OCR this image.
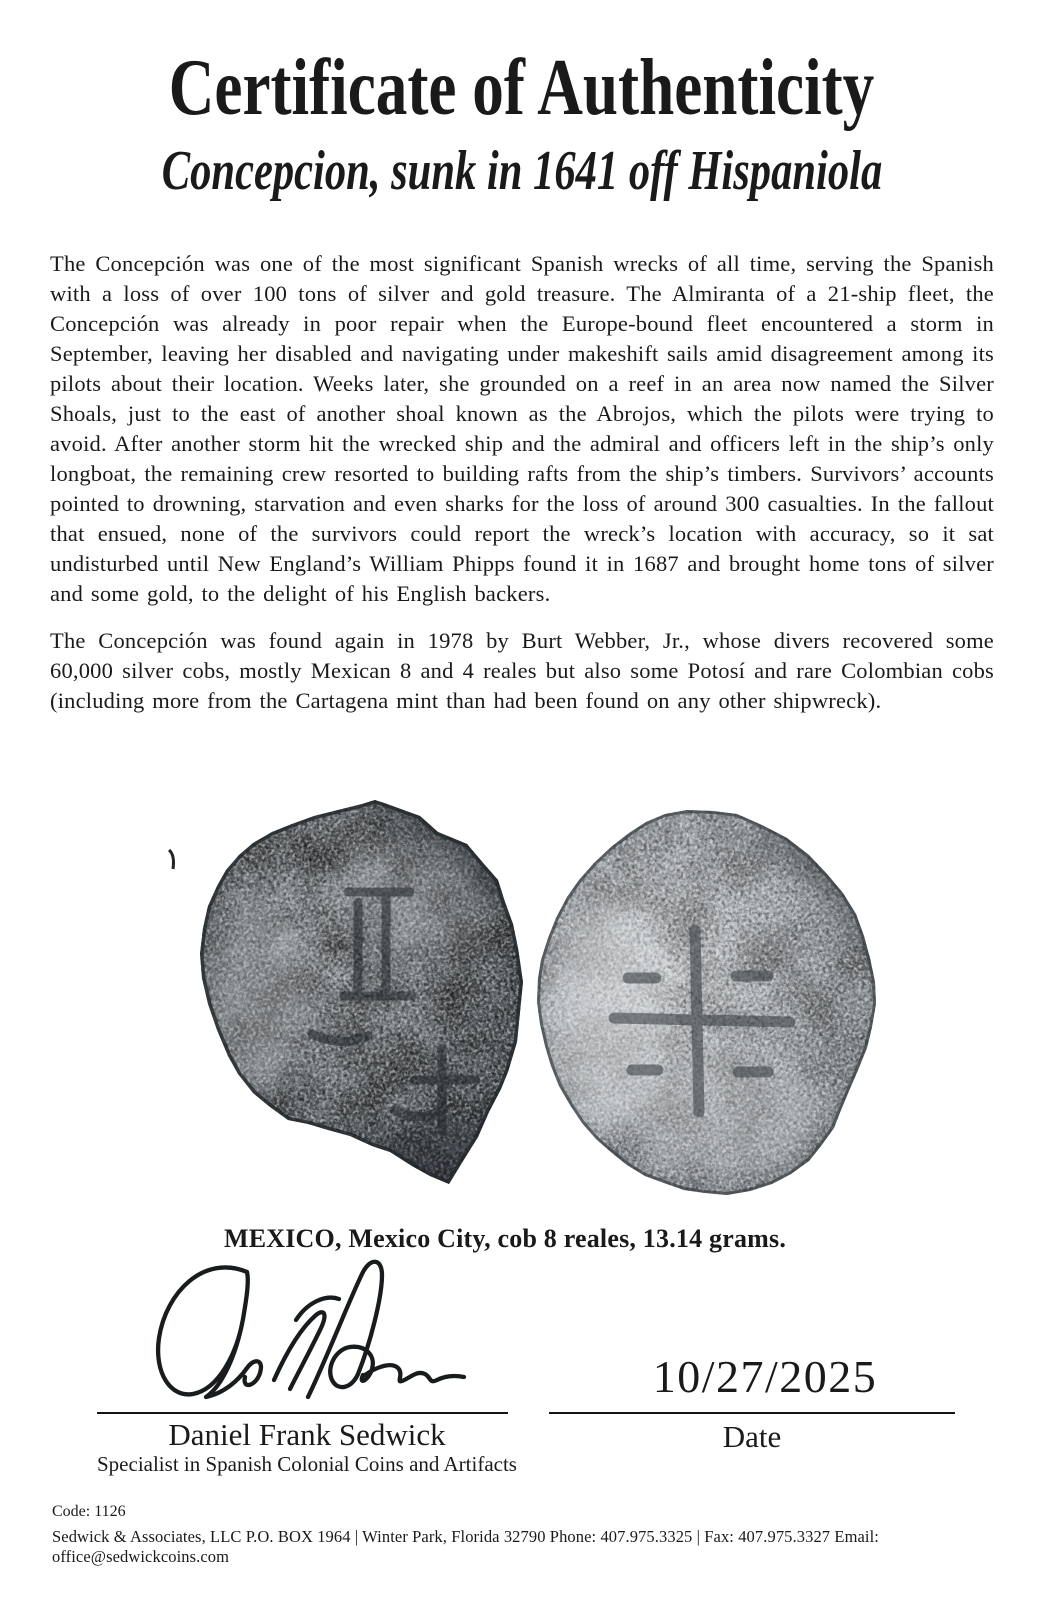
Certificate of Authenticity
Concepcion, sunk in 1641 off Hispaniola

The Concepción was one of the most significant Spanish wrecks of all time, serving the Spanish with a loss of over 100 tons of silver and gold treasure. The Almiranta of a 21-ship fleet, the Concepción was already in poor repair when the Europe-bound fleet encountered a storm in September, leaving her disabled and navigating under makeshift sails amid disagreement among its pilots about their location. Weeks later, she grounded on a reef in an area now named the Silver Shoals, just to the east of another shoal known as the Abrojos, which the pilots were trying to avoid. After another storm hit the wrecked ship and the admiral and officers left in the ship’s only longboat, the remaining crew resorted to building rafts from the ship’s timbers. Survivors’ accounts pointed to drowning, starvation and even sharks for the loss of around 300 casualties. In the fallout that ensued, none of the survivors could report the wreck’s location with accuracy, so it sat undisturbed until New England’s William Phipps found it in 1687 and brought home tons of silver and some gold, to the delight of his English backers.

The Concepción was found again in 1978 by Burt Webber, Jr., whose divers recovered some 60,000 silver cobs, mostly Mexican 8 and 4 reales but also some Potosí and rare Colombian cobs (including more from the Cartagena mint than had been found on any other shipwreck).

MEXICO, Mexico City, cob 8 reales, 13.14 grams.
Daniel Frank Sedwick
Specialist in Spanish Colonial Coins and Artifacts
10/27/2025
Date
Code: 1126
Sedwick & Associates, LLC P.O. BOX 1964 | Winter Park, Florida 32790 Phone: 407.975.3325 | Fax: 407.975.3327 Email: office@sedwickcoins.com
